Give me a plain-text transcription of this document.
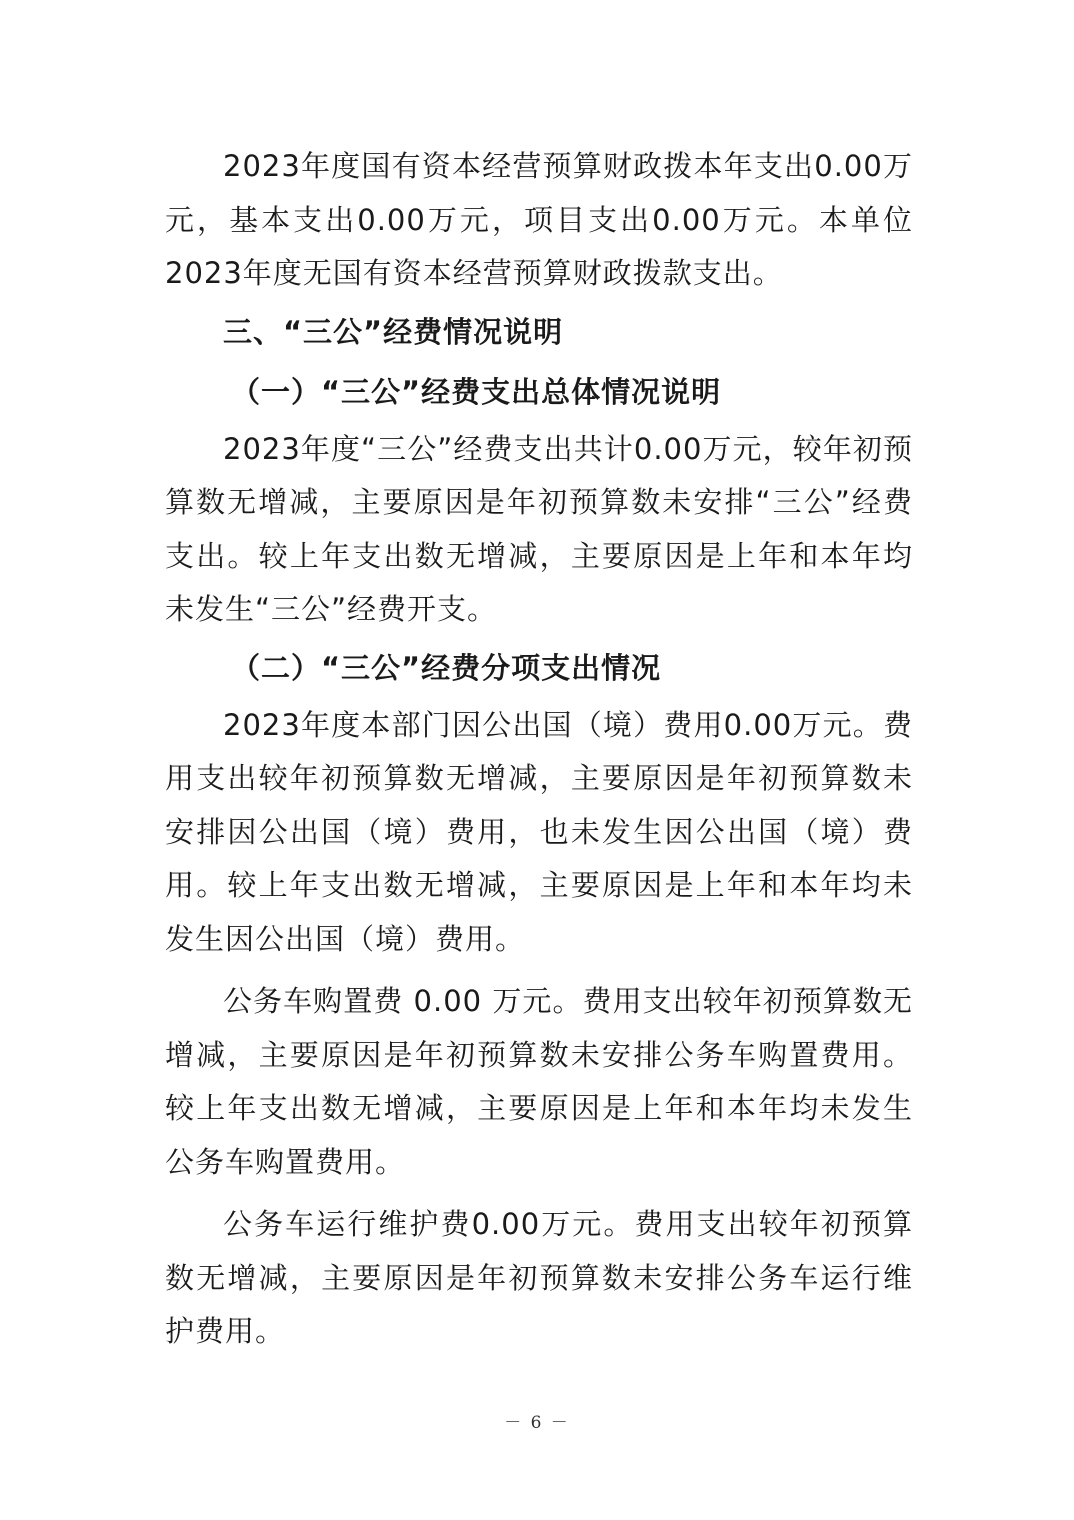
2023年度国有资本经营预算财政拨本年支出0.00万元，基本支出0.00万元，项目支出0.00万元。本单位2023年度无国有资本经营预算财政拨款支出。

三、“三公”经费情况说明

（一）“三公”经费支出总体情况说明

2023年度“三公”经费支出共计0.00万元，较年初预算数无增减，主要原因是年初预算数未安排“三公”经费支出。较上年支出数无增减，主要原因是上年和本年均未发生“三公”经费开支。

（二）“三公”经费分项支出情况

2023年度本部门因公出国（境）费用0.00万元。费用支出较年初预算数无增减，主要原因是年初预算数未安排因公出国（境）费用，也未发生因公出国（境）费用。较上年支出数无增减，主要原因是上年和本年均未发生因公出国（境）费用。

公务车购置费 0.00 万元。费用支出较年初预算数无增减，主要原因是年初预算数未安排公务车购置费用。较上年支出数无增减，主要原因是上年和本年均未发生公务车购置费用。

公务车运行维护费0.00万元。费用支出较年初预算数无增减，主要原因是年初预算数未安排公务车运行维护费用。

－ 6 －
